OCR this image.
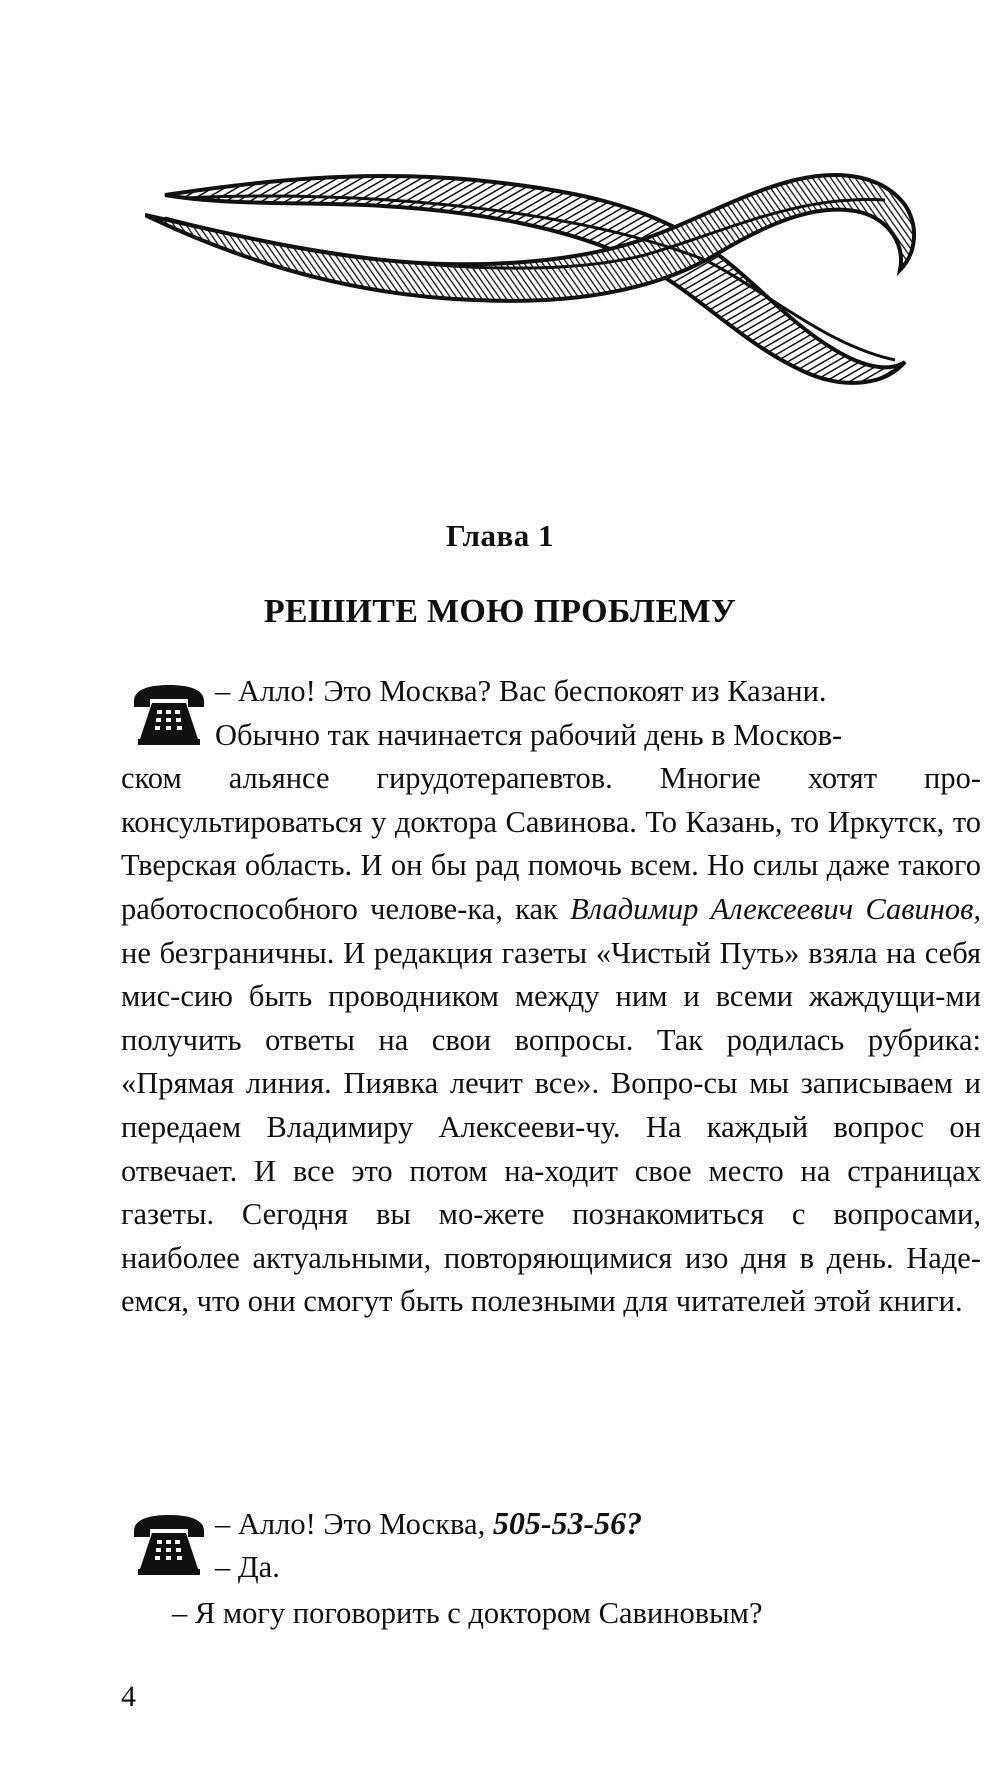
Глава 1
РЕШИТЕ МОЮ ПРОБЛЕМУ
– Алло! Это Москва? Вас беспокоят из Казани.
Обычно так начинается рабочий день в Москов-
ском альянсе гирудотерапевтов. Многие хотят про-консультироваться у доктора Савинова. То Казань, то Иркутск, то Тверская область. И он бы рад помочь всем. Но силы даже такого работоспособного челове-ка, как Владимир Алексеевич Савинов, не безграничны. И редакция газеты «Чистый Путь» взяла на себя мис-сию быть проводником между ним и всеми жаждущи-ми получить ответы на свои вопросы. Так родилась рубрика: «Прямая линия. Пиявка лечит все». Вопро-сы мы записываем и передаем Владимиру Алексееви-чу. На каждый вопрос он отвечает. И все это потом на-ходит свое место на страницах газеты. Сегодня вы мо-жете познакомиться с вопросами, наиболее актуальными, повторяющимися изо дня в день. Наде-емся, что они смогут быть полезными для читателей этой книги.
– Алло! Это Москва, 505-53-56?
– Да.
– Я могу поговорить с доктором Савиновым?
4
